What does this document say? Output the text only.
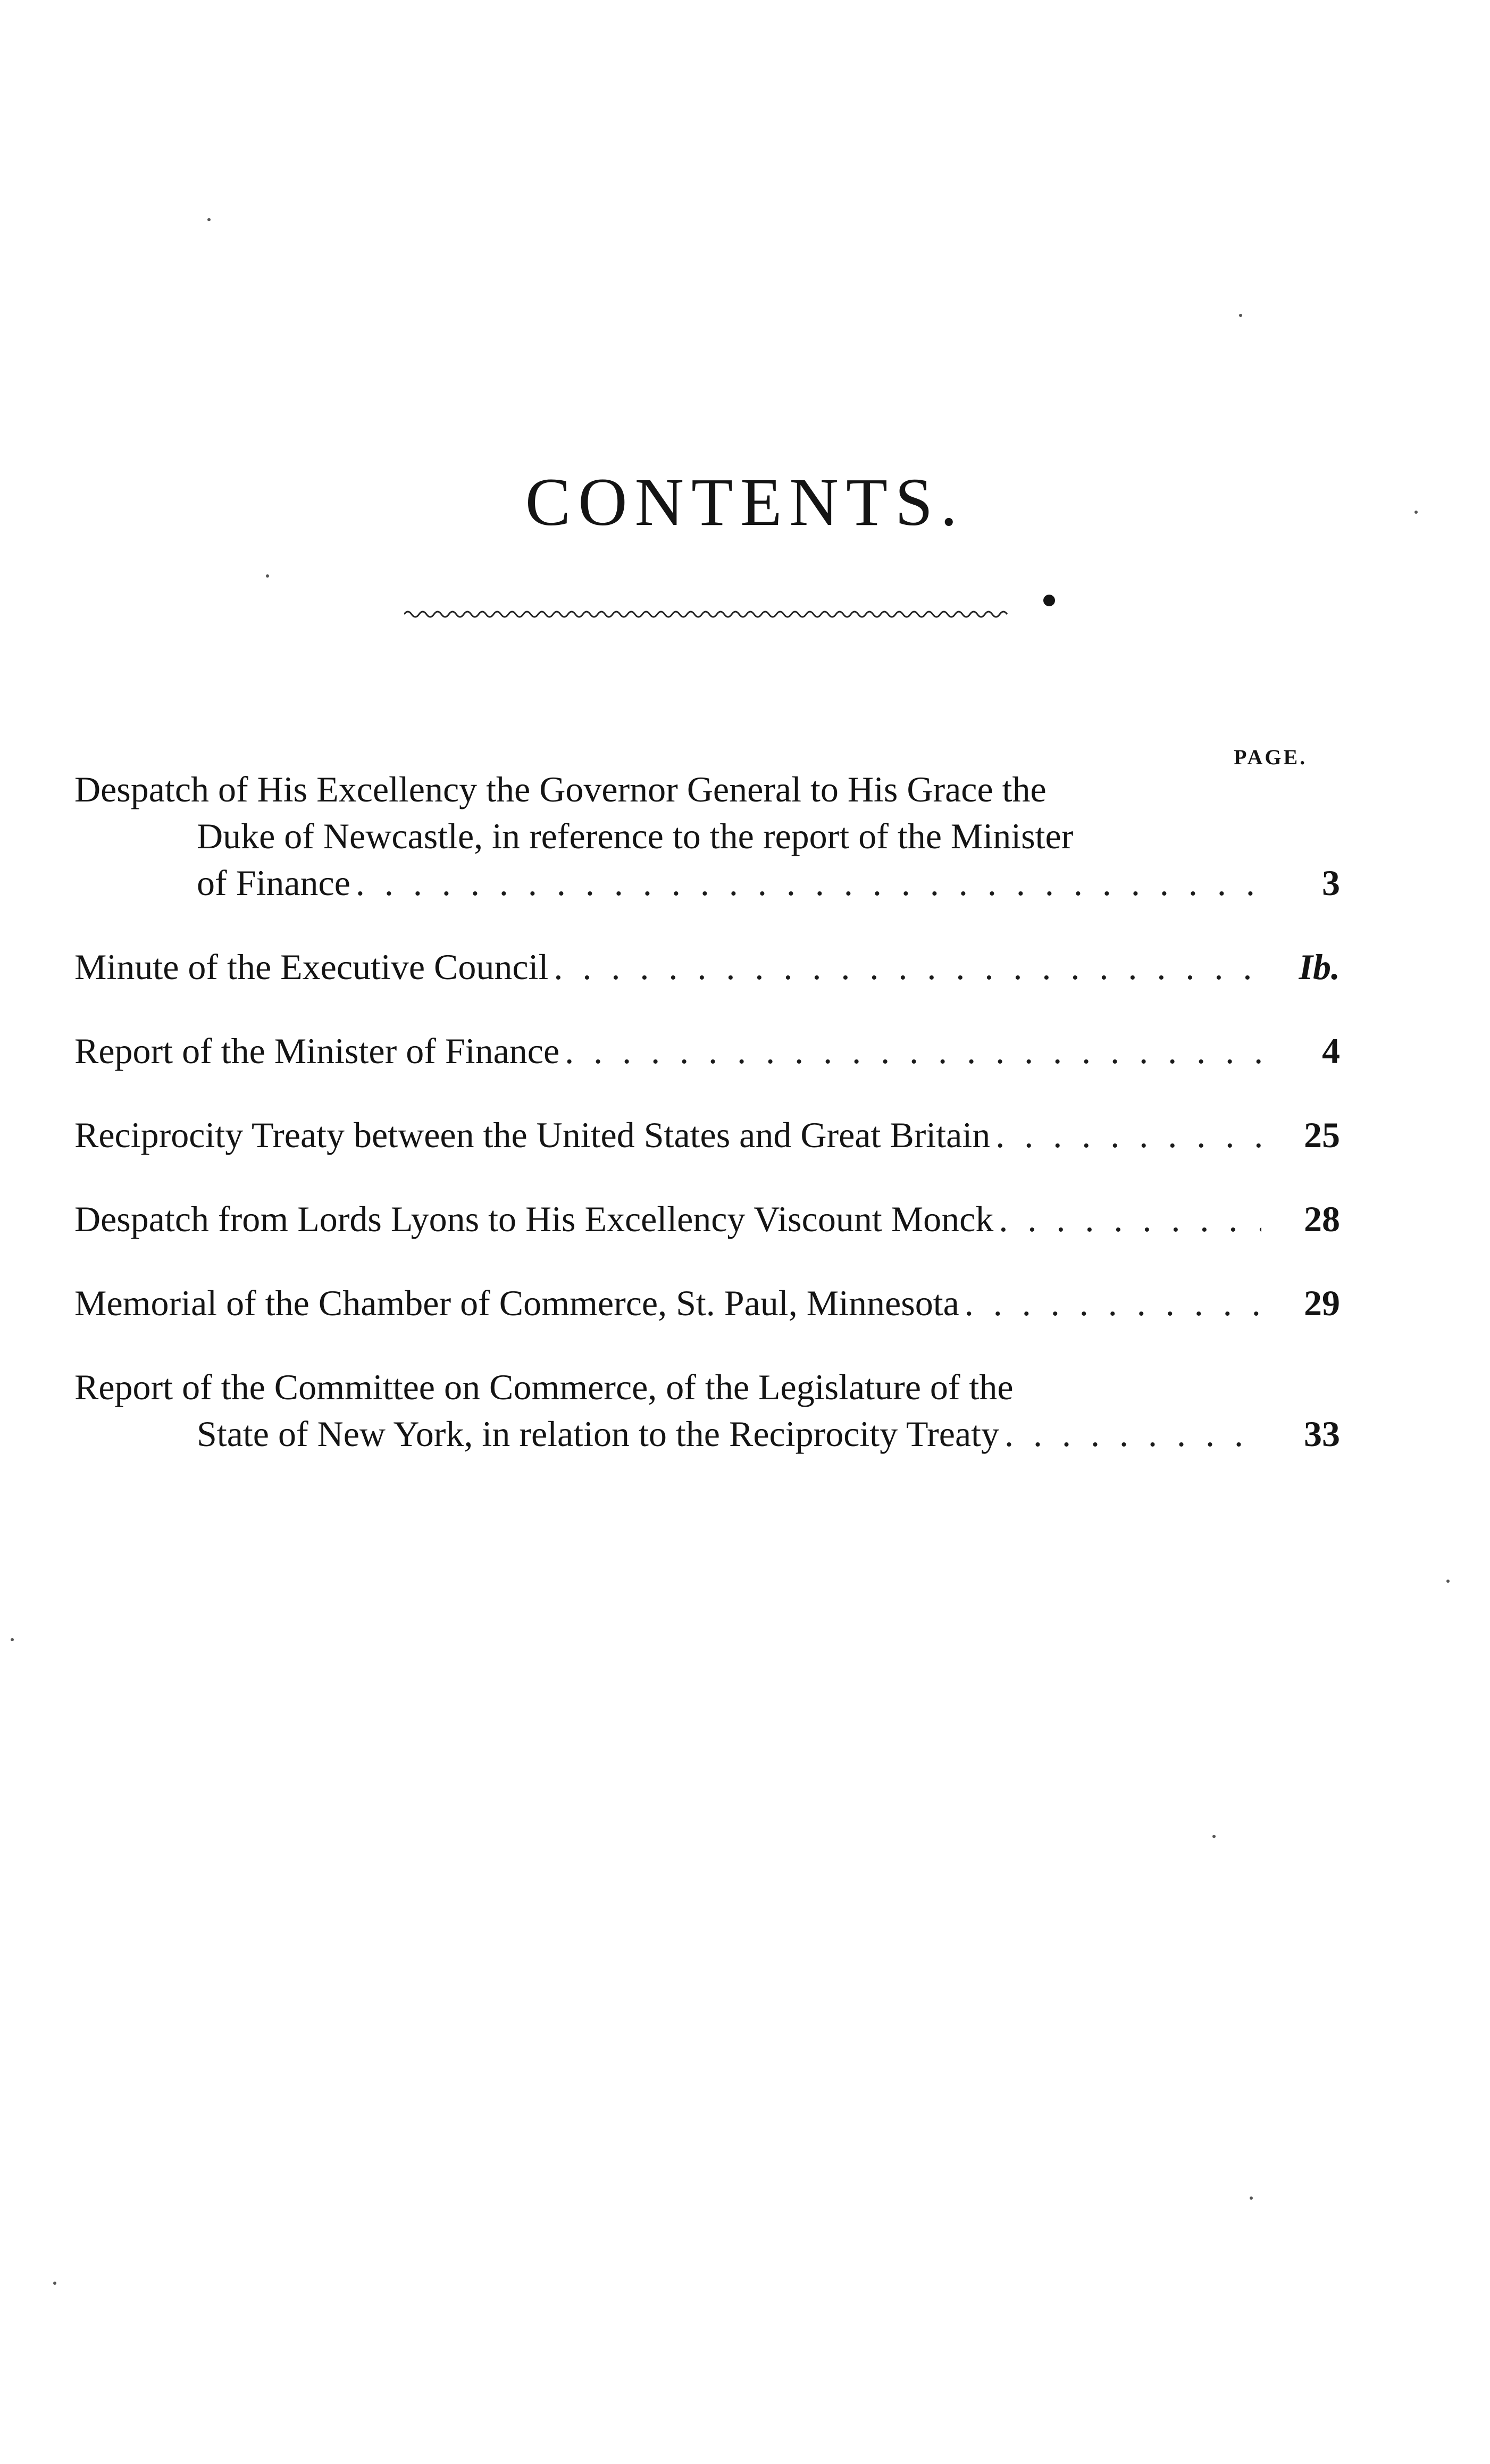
CONTENTS.
PAGE.
Despatch of His Excellency the Governor General to His Grace the
Duke of Newcastle, in reference to the report of the Minister
of Finance . . .	3
Minute of the Executive Council . . .	Ib.
Report of the Minister of Finance . . .	4
Reciprocity Treaty between the United States and Great Britain . . .	25
Despatch from Lords Lyons to His Excellency Viscount Monck . . .	28
Memorial of the Chamber of Commerce, St. Paul, Minnesota . . .	29
Report of the Committee on Commerce, of the Legislature of the
State of New York, in relation to the Reciprocity Treaty . . .	33
